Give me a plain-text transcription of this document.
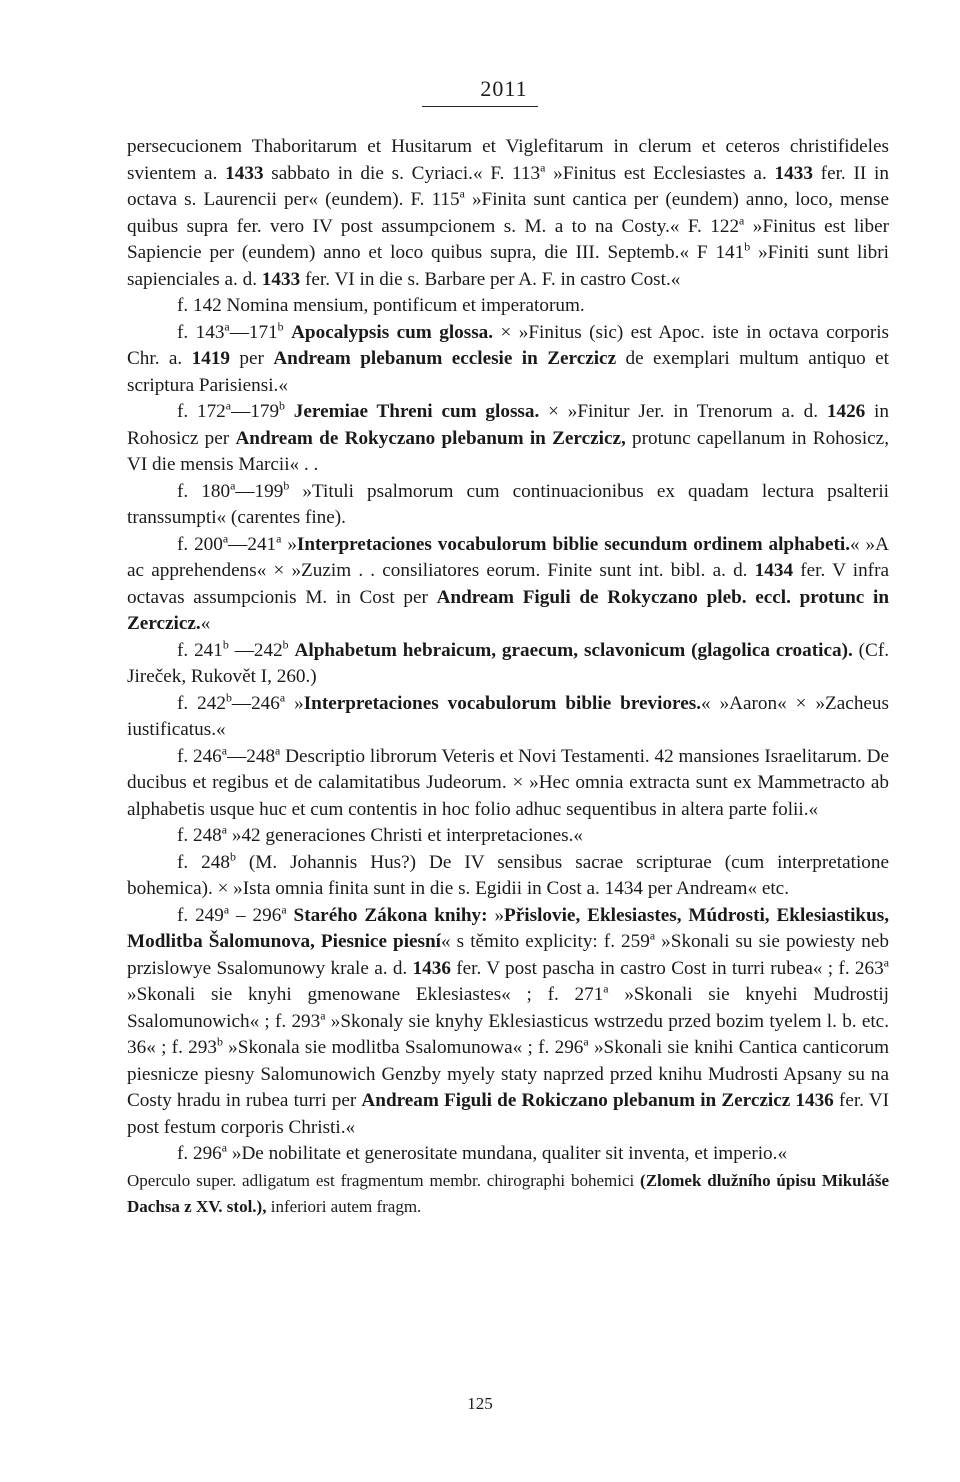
2011

persecucionem Thaboritarum et Husitarum et Viglefitarum in clerum et ceteros christifideles svientem a. 1433 sabbato in die s. Cyriaci.« F. 113$^a$ »Finitus est Ecclesiastes a. 1433 fer. II in octava s. Laurencii per« (eundem). F. 115$^a$ »Finita sunt cantica per (eundem) anno, loco, mense quibus supra fer. vero IV post assumpcionem s. M. a to na Costy.« F. 122$^a$ »Finitus est liber Sapiencie per (eundem) anno et loco quibus supra, die III. Septemb.« F 141$^b$ »Finiti sunt libri sapienciales a. d. 1433 fer. VI in die s. Barbare per A. F. in castro Cost.«

f. 142 Nomina mensium, pontificum et imperatorum.

f. 143$^a$—171$^b$ Apocalypsis cum glossa. × »Finitus (sic) est Apoc. iste in octava corporis Chr. a. 1419 per Andream plebanum ecclesie in Zerczicz de exemplari multum antiquo et scriptura Parisiensi.«

f. 172$^a$—179$^b$ Jeremiae Threni cum glossa. × »Finitur Jer. in Trenorum a. d. 1426 in Rohosicz per Andream de Rokyczano plebanum in Zerczicz, protunc capellanum in Rohosicz, VI die mensis Marcii« . .

f. 180$^a$—199$^b$ »Tituli psalmorum cum continuacionibus ex quadam lectura psalterii transsumpti« (carentes fine).

f. 200$^a$—241$^a$ »Interpretaciones vocabulorum biblie secundum ordinem alphabeti.« »A ac apprehendens« × »Zuzim . . consiliatores eorum. Finite sunt int. bibl. a. d. 1434 fer. V infra octavas assumpcionis M. in Cost per Andream Figuli de Rokyczano pleb. eccl. protunc in Zerczicz.«

f. 241$^b$ —242$^b$ Alphabetum hebraicum, graecum, sclavonicum (glagolica croatica). (Cf. Jireček, Rukovět I, 260.)

f. 242$^b$—246$^a$ »Interpretaciones vocabulorum biblie breviores.« »Aaron« × »Zacheus iustificatus.«

f. 246$^a$—248$^a$ Descriptio librorum Veteris et Novi Testamenti. 42 mansiones Israelitarum. De ducibus et regibus et de calamitatibus Judeorum. × »Hec omnia extracta sunt ex Mammetracto ab alphabetis usque huc et cum contentis in hoc folio adhuc sequentibus in altera parte folii.«

f. 248$^a$ »42 generaciones Christi et interpretaciones.«

f. 248$^b$ (M. Johannis Hus?) De IV sensibus sacrae scripturae (cum interpretatione bohemica). × »Ista omnia finita sunt in die s. Egidii in Cost a. 1434 per Andream« etc.

f. 249$^a$ – 296$^a$ Starého Zákona knihy: »Přislovie, Eklesiastes, Múdrosti, Eklesiastikus, Modlitba Šalomunova, Piesnice piesní« s těmito explicity: f. 259$^a$ »Skonali su sie powiesty neb przislowye Ssalomunowy krale a. d. 1436 fer. V post pascha in castro Cost in turri rubea« ; f. 263$^a$ »Skonali sie knyhi gmenowane Eklesiastes« ; f. 271$^a$ »Skonali sie knyehi Mudrostij Ssalomunowich« ; f. 293$^a$ »Skonaly sie knyhy Eklesiasticus wstrzedu przed bozim tyelem l. b. etc. 36« ; f. 293$^b$ »Skonala sie modlitba Ssalomunowa« ; f. 296$^a$ »Skonali sie knihi Cantica canticorum piesnicze piesny Salomunowich Genzby myely staty naprzed przed knihu Mudrosti Apsany su na Costy hradu in rubea turri per Andream Figuli de Rokiczano plebanum in Zerczicz 1436 fer. VI post festum corporis Christi.«

f. 296$^a$ »De nobilitate et generositate mundana, qualiter sit inventa, et imperio.«

Operculo super. adligatum est fragmentum membr. chirographi bohemici (Zlomek dlužního úpisu Mikuláše Dachsa z XV. stol.), inferiori autem fragm.

125
